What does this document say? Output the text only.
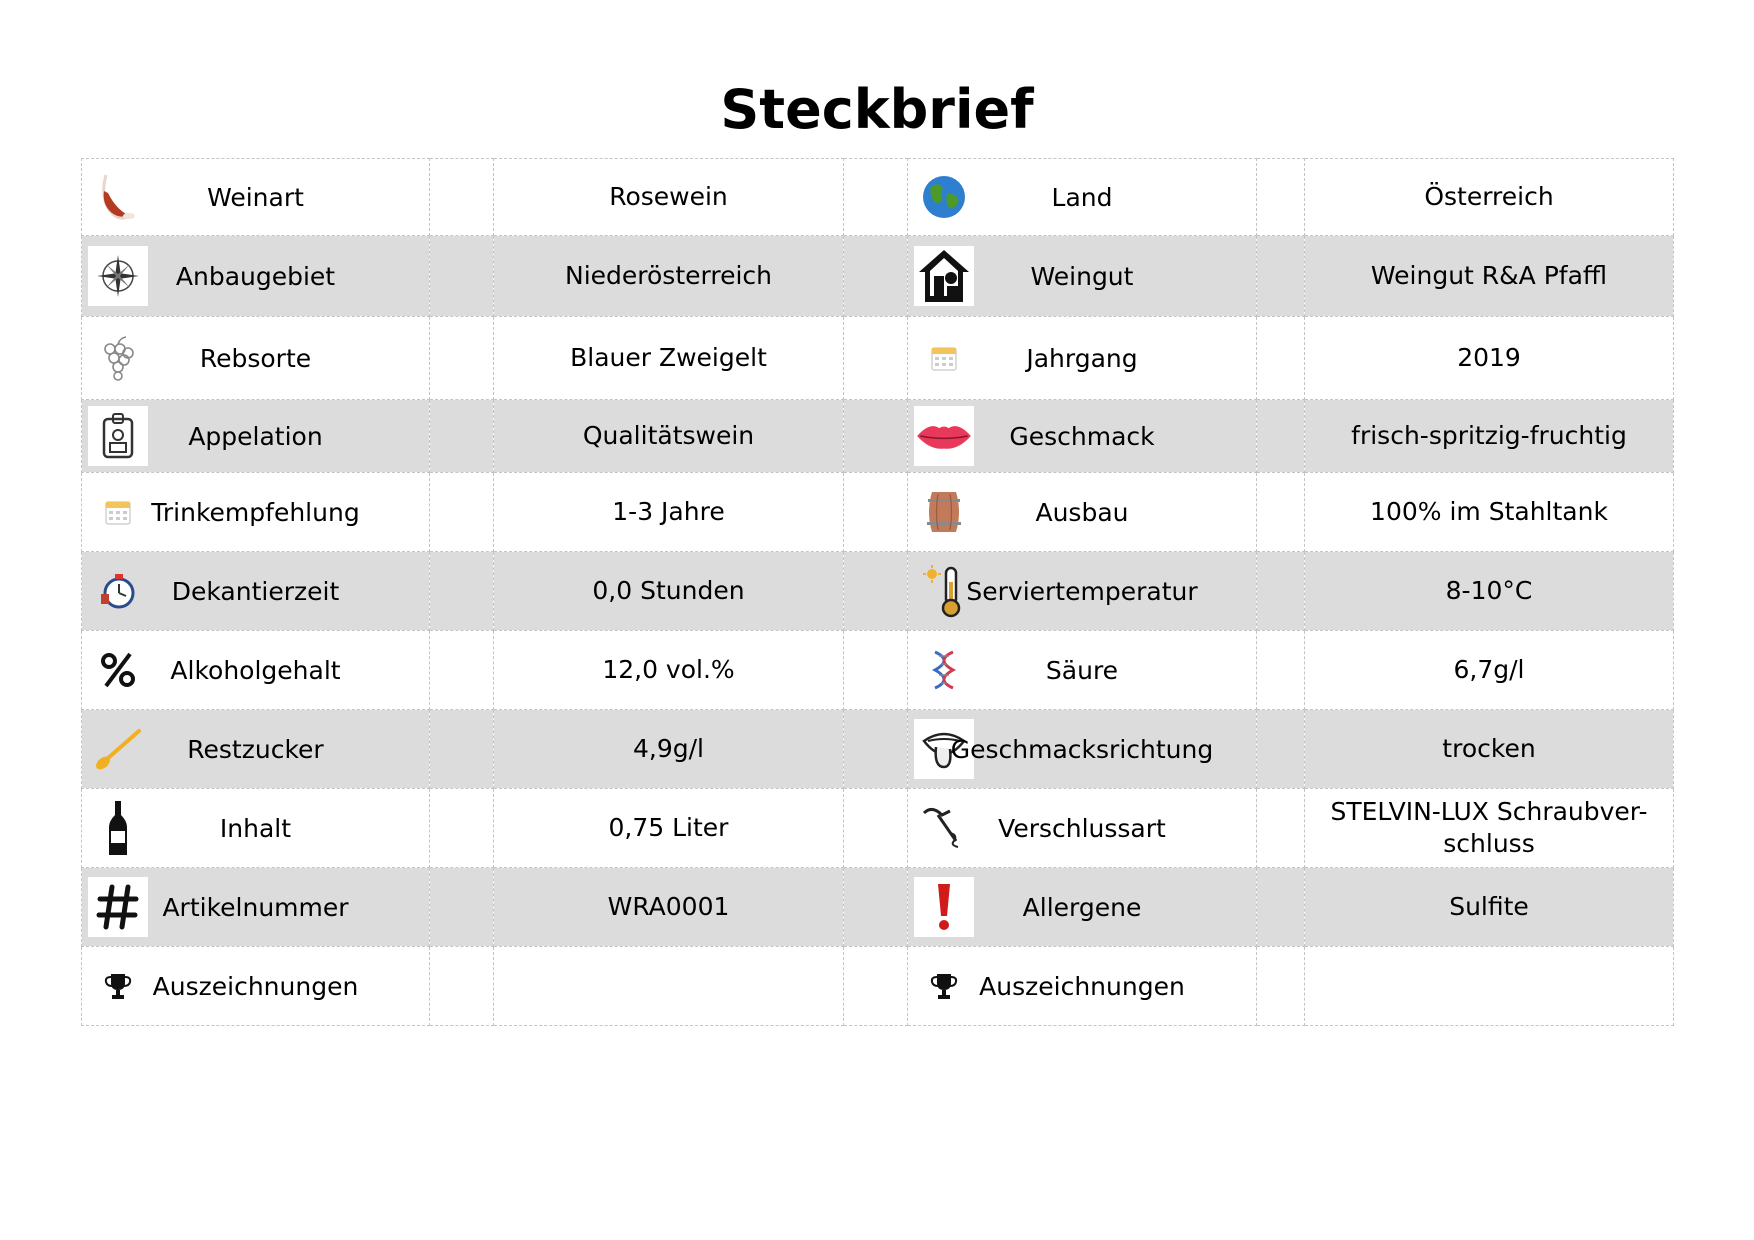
Steckbrief
Weinart		Rosewein		Land		Österreich

Anbaugebiet		Niederösterreich		Weingut		Weingut R&A Pfaffl

Rebsorte		Blauer Zweigelt		Jahrgang		2019

Appelation		Qualitätswein		Geschmack		frisch-spritzig-fruchtig

Trinkempfehlung		1-3 Jahre		Ausbau		100% im Stahltank

Dekantierzeit		0,0 Stunden		Serviertemperatur		8-10°C

Alkoholgehalt		12,0 vol.%		Säure		6,7g/l

Restzucker		4,9g/l		Geschmacksrichtung		trocken

Inhalt		0,75 Liter		Verschlussart		STELVIN-LUX Schraubver-
schluss

Artikelnummer		WRA0001		Allergene		Sulfite

Auszeichnungen				Auszeichnungen		
